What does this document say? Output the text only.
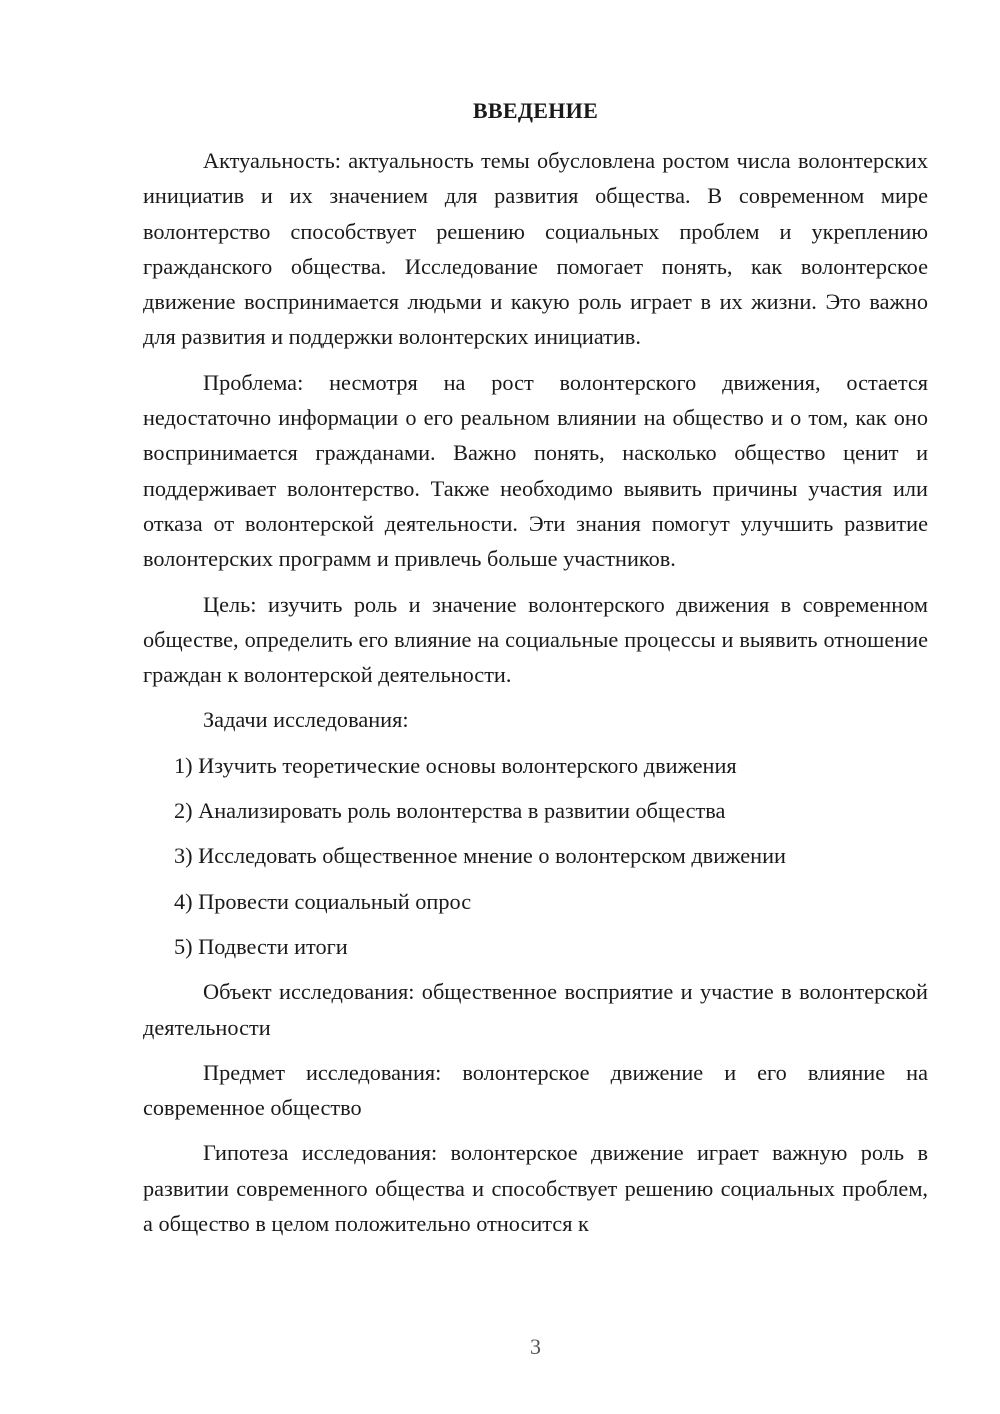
ВВЕДЕНИЕ

Актуальность: актуальность темы обусловлена ростом числа волонтерских инициатив и их значением для развития общества. В современном мире волонтерство способствует решению социальных проблем и укреплению гражданского общества. Исследование помогает понять, как волонтерское движение воспринимается людьми и какую роль играет в их жизни. Это важно для развития и поддержки волонтерских инициатив.

Проблема: несмотря на рост волонтерского движения, остается недостаточно информации о его реальном влиянии на общество и о том, как оно воспринимается гражданами. Важно понять, насколько общество ценит и поддерживает волонтерство. Также необходимо выявить причины участия или отказа от волонтерской деятельности. Эти знания помогут улучшить развитие волонтерских программ и привлечь больше участников.

Цель: изучить роль и значение волонтерского движения в современном обществе, определить его влияние на социальные процессы и выявить отношение граждан к волонтерской деятельности.

Задачи исследования:

1) Изучить теоретические основы волонтерского движения

2) Анализировать роль волонтерства в развитии общества

3) Исследовать общественное мнение о волонтерском движении

4) Провести социальный опрос

5) Подвести итоги

Объект исследования: общественное восприятие и участие в волонтерской деятельности

Предмет исследования: волонтерское движение и его влияние на современное общество

Гипотеза исследования: волонтерское движение играет важную роль в развитии современного общества и способствует решению социальных проблем, а общество в целом положительно относится к

3
